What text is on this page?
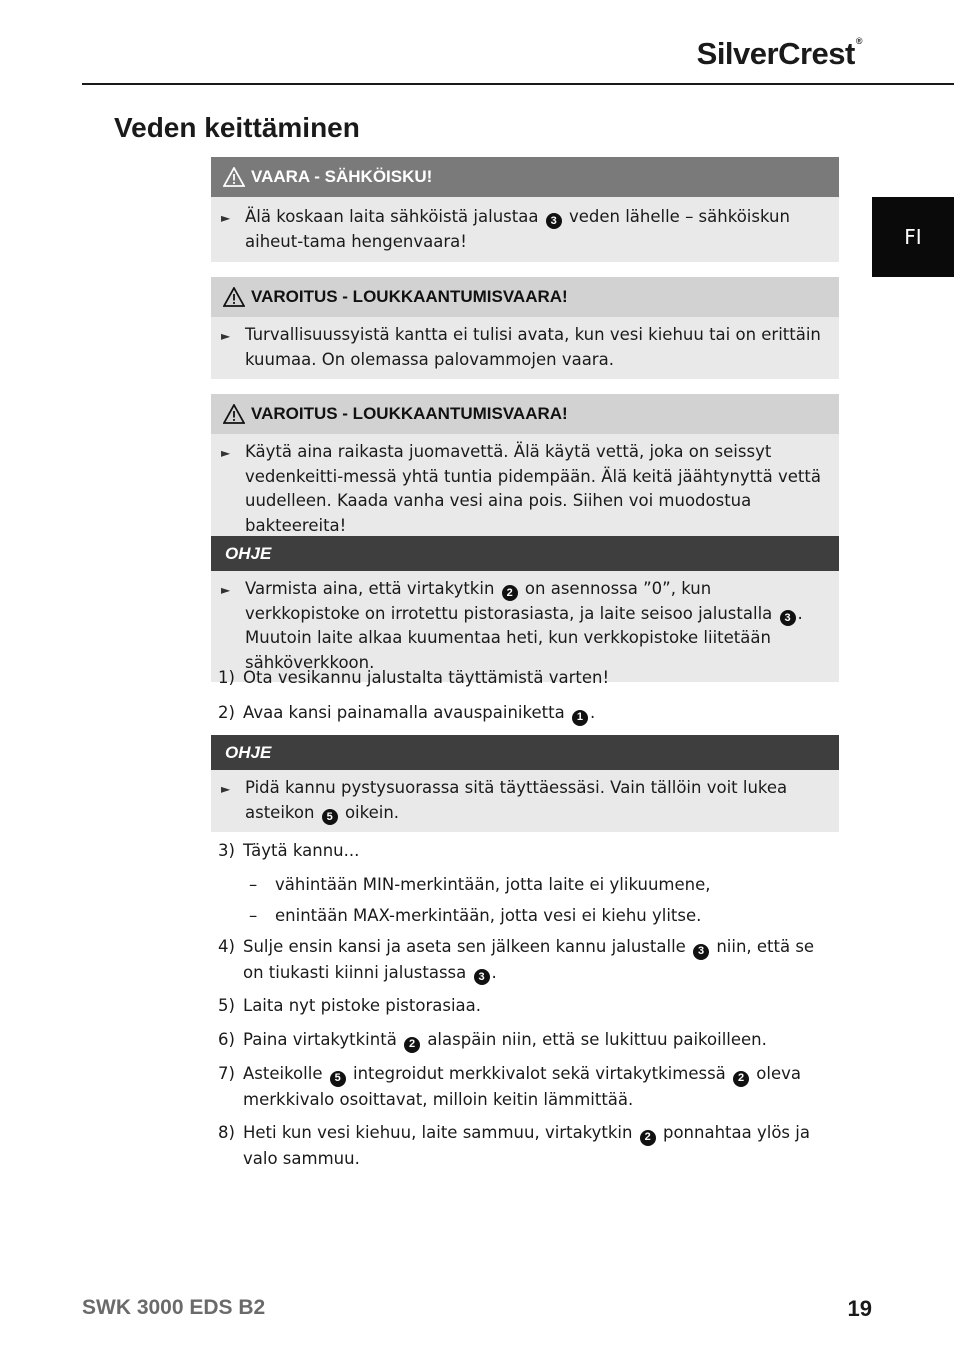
SilverCrest®
Veden keittäminen
FI
VAARA - SÄHKÖISKU!
► Älä koskaan laita sähköistä jalustaa 3 veden lähelle – sähköiskun aiheut-tama hengenvaara!
VAROITUS - LOUKKAANTUMISVAARA!
► Turvallisuussyistä kantta ei tulisi avata, kun vesi kiehuu tai on erittäin kuumaa. On olemassa palovammojen vaara.
VAROITUS - LOUKKAANTUMISVAARA!
► Käytä aina raikasta juomavettä. Älä käytä vettä, joka on seissyt vedenkeitti-messä yhtä tuntia pidempään. Älä keitä jäähtynyttä vettä uudelleen. Kaada vanha vesi aina pois. Siihen voi muodostua bakteereita!
OHJE
► Varmista aina, että virtakytkin 2 on asennossa ”0”, kun verkkopistoke on irrotettu pistorasiasta, ja laite seisoo jalustalla 3 . Muutoin laite alkaa kuumentaa heti, kun verkkopistoke liitetään sähköverkkoon.
1) Ota vesikannu jalustalta täyttämistä varten!
2) Avaa kansi painamalla avauspainiketta 1 .
OHJE
► Pidä kannu pystysuorassa sitä täyttäessäsi. Vain tällöin voit lukea asteikon 5 oikein.
3) Täytä kannu...
–	vähintään MIN-merkintään, jotta laite ei ylikuumene,
–	enintään MAX-merkintään, jotta vesi ei kiehu ylitse.
4) Sulje ensin kansi ja aseta sen jälkeen kannu jalustalle 3 niin, että se on tiukasti kiinni jalustassa 3 .
5) Laita nyt pistoke pistorasiaa.
6) Paina virtakytkintä 2 alaspäin niin, että se lukittuu paikoilleen.
7) Asteikolle 5 integroidut merkkivalot sekä virtakytkimessä 2 oleva merkkivalo osoittavat, milloin keitin lämmittää.
8) Heti kun vesi kiehuu, laite sammuu, virtakytkin 2 ponnahtaa ylös ja valo sammuu.
SWK 3000 EDS B2	19
